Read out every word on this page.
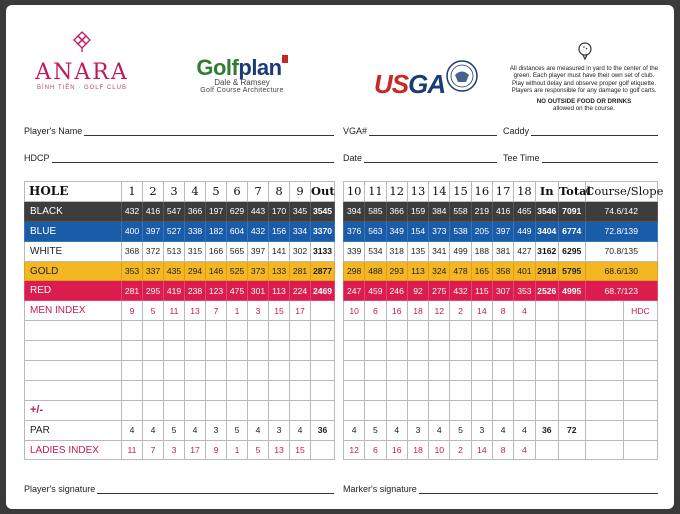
ANARA
BÌNH TIÊN · GOLF CLUB
Golfplan
Dale & Ramsey
Golf Course Architecture	USGA
All distances are measured in yard to the center of the
green. Each player must have their own set of club.
Play without delay and observe proper golf etiquette.
Players are responsible for any damage to golf carts.
NO OUTSIDE FOOD OR DRINKS
allowed on the course.
Player's Name	VGA#	Caddy
HDCP	Date	Tee Time
HOLE	1	2	3	4	5	6	7	8	9	Out
BLACK	432	416	547	366	197	629	443	170	345	3545
BLUE	400	397	527	338	182	604	432	156	334	3370
WHITE	368	372	513	315	166	565	397	141	302	3133
GOLD	353	337	435	294	146	525	373	133	281	2877
RED	281	295	419	238	123	475	301	113	224	2469
MEN INDEX	9	5	11	13	7	1	3	15	17	

+/-										
PAR	4	4	5	4	3	5	4	3	4	36
LADIES INDEX	11	7	3	17	9	1	5	13	15	
10	11	12	13	14	15	16	17	18	In	Total	Course/Slope	
394	585	366	159	384	558	219	416	465	3546	7091	74.6/142	
376	563	349	154	373	538	205	397	449	3404	6774	72.8/139	
339	534	318	135	341	499	188	381	427	3162	6295	70.8/135	
298	488	293	113	324	478	165	358	401	2918	5795	68.6/130	
247	459	246	92	275	432	115	307	353	2526	4995	68.7/123	
10	6	16	18	12	2	14	8	4				HDC

4	5	4	3	4	5	3	4	4	36	72		
12	6	16	18	10	2	14	8	4				
Player's signature	Marker's signature
